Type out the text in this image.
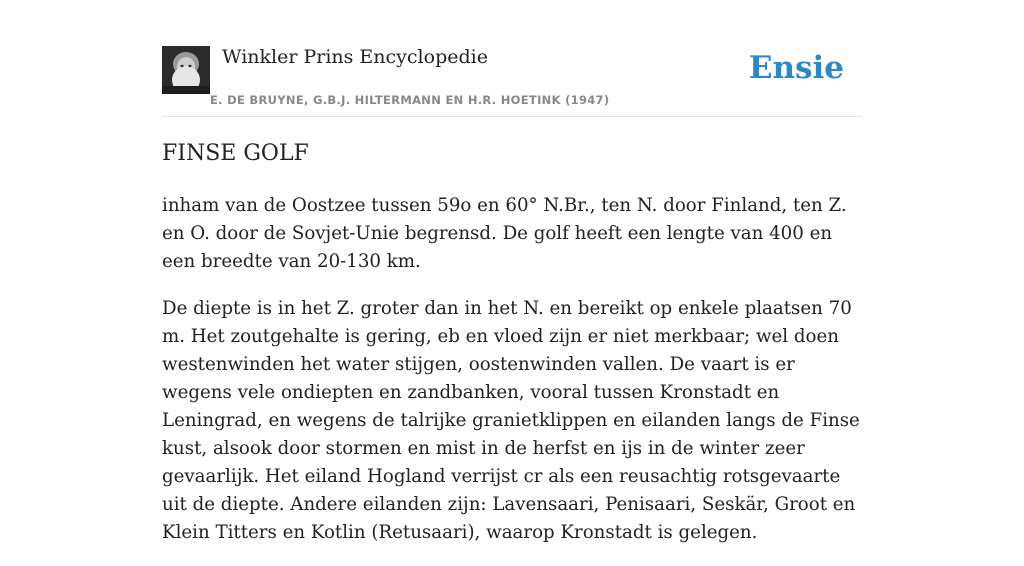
Winkler Prins Encyclopedie
E. DE BRUYNE, G.B.J. HILTERMANN EN H.R. HOETINK (1947)
Ensie
FINSE GOLF

inham van de Oostzee tussen 59o en 60° N.Br., ten N. door Finland, ten Z. en O. door de Sovjet-Unie begrensd. De golf heeft een lengte van 400 en een breedte van 20-130 km.

De diepte is in het Z. groter dan in het N. en bereikt op enkele plaatsen 70 m. Het zoutgehalte is gering, eb en vloed zijn er niet merkbaar; wel doen westenwinden het water stijgen, oostenwinden vallen. De vaart is er wegens vele ondiepten en zandbanken, vooral tussen Kronstadt en Leningrad, en wegens de talrijke granietklippen en eilanden langs de Finse kust, alsook door stormen en mist in de herfst en ijs in de winter zeer gevaarlijk. Het eiland Hogland verrijst cr als een reusachtig rotsgevaarte uit de diepte. Andere eilanden zijn: Lavensaari, Penisaari, Seskär, Groot en Klein Titters en Kotlin (Retusaari), waarop Kronstadt is gelegen.
